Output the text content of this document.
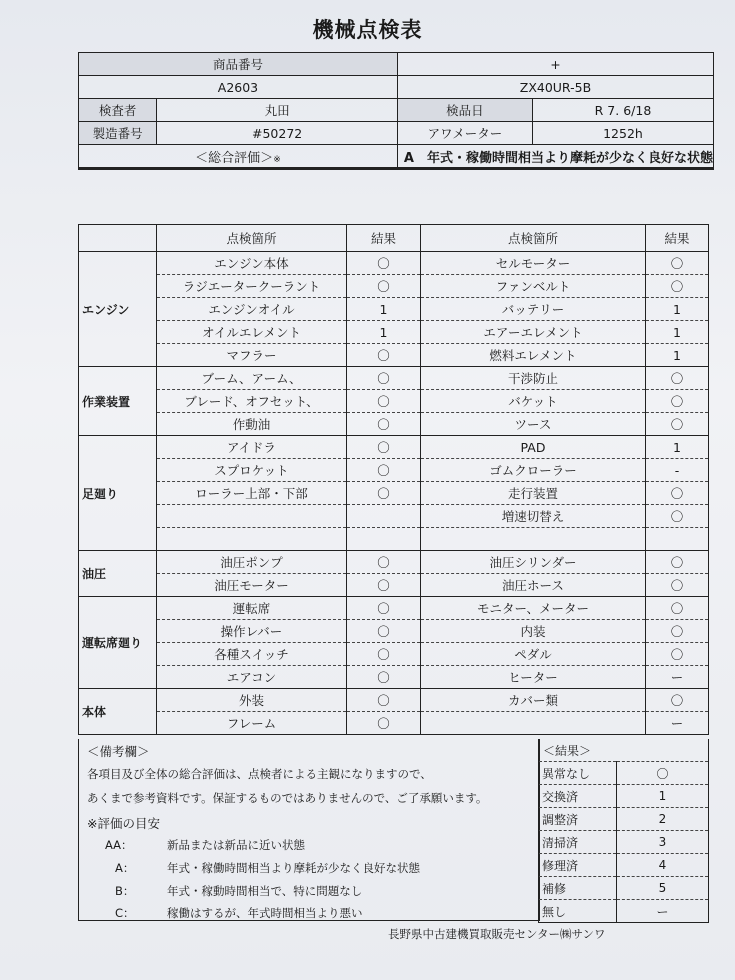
機械点検表
商品番号		+	
A2603		ZX40UR-5B	
検査者	丸田	検品日	R 7. 6/18
製造番号	#50272	アワメーター	1252h
＜総合評価＞※		A　年式・稼働時間相当より摩耗が少なく良好な状態	
	点検箇所	結果	点検箇所	結果
エンジン	エンジン本体	〇	セルモーター	〇
	ラジエータークーラント	〇	ファンベルト	〇
	エンジンオイル	1	バッテリー	1
	オイルエレメント	1	エアーエレメント	1
	マフラー	〇	燃料エレメント	1
作業装置	ブーム、アーム、	〇	干渉防止	〇
	ブレード、オフセット、	〇	バケット	〇
	作動油	〇	ツース	〇
足廻り	アイドラ	〇	PAD	1
	スプロケット	〇	ゴムクローラー	-
	ローラー上部・下部	〇	走行装置	〇
			増速切替え	〇

油圧	油圧ポンプ	〇	油圧シリンダー	〇
	油圧モーター	〇	油圧ホース	〇
運転席廻り	運転席	〇	モニター、メーター	〇
	操作レバー	〇	内装	〇
	各種スイッチ	〇	ペダル	〇
	エアコン	〇	ヒーター	ー
本体	外装	〇	カバー類	〇
	フレーム	〇		ー
＜備考欄＞
各項目及び全体の総合評価は、点検者による主観になりますので、
あくまで参考資料です。保証するものではありませんので、ご了承願います。
※評価の目安
AA：	新品または新品に近い状態
A：	年式・稼働時間相当より摩耗が少なく良好な状態
B：	年式・稼動時間相当で、特に問題なし
C：	稼働はするが、年式時間相当より悪い
＜結果＞	
異常なし	〇
交換済	1
調整済	2
清掃済	3
修理済	4
補修	5
無し	ー
長野県中古建機買取販売センター㈱サンワ
